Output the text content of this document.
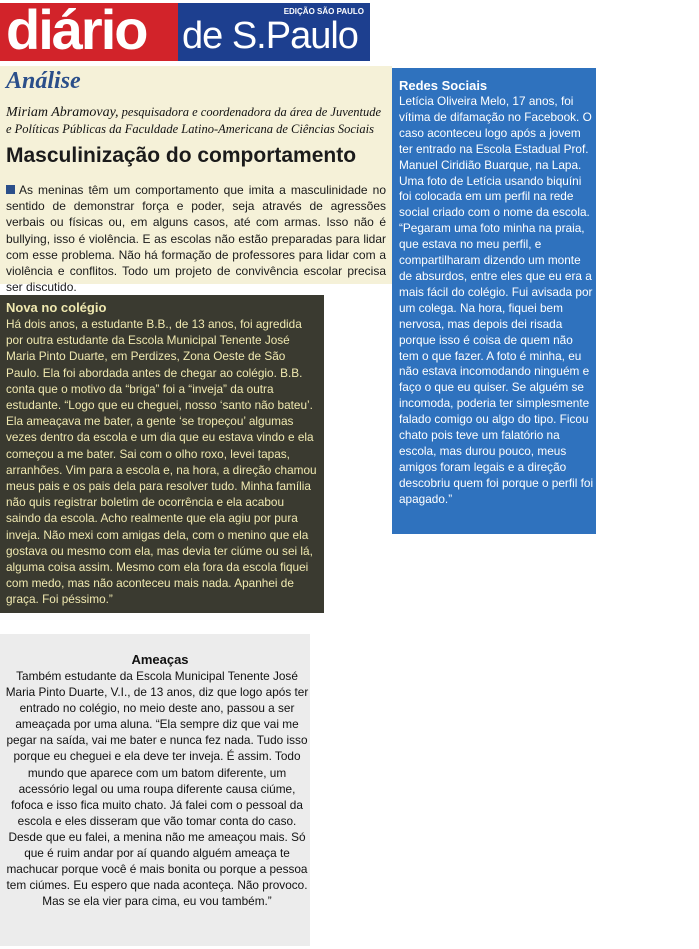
diário	EDIÇÃO SÃO PAULO
de S.Paulo
Análise
Miriam Abramovay, pesquisadora e coordenadora da área de Juventude e Políticas Públicas da Faculdade Latino-Americana de Ciências Sociais
Masculinização do comportamento
As meninas têm um comportamento que imita a masculinidade no sentido de demonstrar força e poder, seja através de agressões verbais ou físicas ou, em alguns casos, até com armas. Isso não é bullying, isso é violência. E as escolas não estão preparadas para lidar com esse problema. Não há formação de professores para lidar com a violência e conflitos. Todo um projeto de convivência escolar precisa ser discutido.
Redes Sociais
Letícia Oliveira Melo, 17 anos, foi vítima de difamação no Facebook. O caso aconteceu logo após a jovem ter entrado na Escola Estadual Prof. Manuel Ciridião Buarque, na Lapa. Uma foto de Letícia usando biquíni foi colocada em um perfil na rede social criado com o nome da escola. “Pegaram uma foto minha na praia, que estava no meu perfil, e compartilharam dizendo um monte de absurdos, entre eles que eu era a mais fácil do colégio. Fui avisada por um colega. Na hora, fiquei bem nervosa, mas depois dei risada porque isso é coisa de quem não tem o que fazer. A foto é minha, eu não estava incomodando ninguém e faço o que eu quiser. Se alguém se incomoda, poderia ter simplesmente falado comigo ou algo do tipo. Ficou chato pois teve um falatório na escola, mas durou pouco, meus amigos foram legais e a direção descobriu quem foi porque o perfil foi apagado.”
Nova no colégio
Há dois anos, a estudante B.B., de 13 anos, foi agredida por outra estudante da Escola Municipal Tenente José Maria Pinto Duarte, em Perdizes, Zona Oeste de São Paulo. Ela foi abordada antes de chegar ao colégio. B.B. conta que o motivo da “briga” foi a “inveja” da outra estudante. “Logo que eu cheguei, nosso ‘santo não bateu’. Ela ameaçava me bater, a gente ‘se tropeçou’ algumas vezes dentro da escola e um dia que eu estava vindo e ela começou a me bater. Sai com o olho roxo, levei tapas, arranhões. Vim para a escola e, na hora, a direção chamou meus pais e os pais dela para resolver tudo. Minha família não quis registrar boletim de ocorrência e ela acabou saindo da escola. Acho realmente que ela agiu por pura inveja. Não mexi com amigas dela, com o menino que ela gostava ou mesmo com ela, mas devia ter ciúme ou sei lá, alguma coisa assim. Mesmo com ela fora da escola fiquei com medo, mas não aconteceu mais nada. Apanhei de graça. Foi péssimo.”
Ameaças
Também estudante da Escola Municipal Tenente José Maria Pinto Duarte, V.I., de 13 anos, diz que logo após ter entrado no colégio, no meio deste ano, passou a ser ameaçada por uma aluna. “Ela sempre diz que vai me pegar na saída, vai me bater e nunca fez nada. Tudo isso porque eu cheguei e ela deve ter inveja. É assim. Todo mundo que aparece com um batom diferente, um acessório legal ou uma roupa diferente causa ciúme, fofoca e isso fica muito chato. Já falei com o pessoal da escola e eles disseram que vão tomar conta do caso. Desde que eu falei, a menina não me ameaçou mais. Só que é ruim andar por aí quando alguém ameaça te machucar porque você é mais bonita ou porque a pessoa tem ciúmes. Eu espero que nada aconteça. Não provoco. Mas se ela vier para cima, eu vou também.”
